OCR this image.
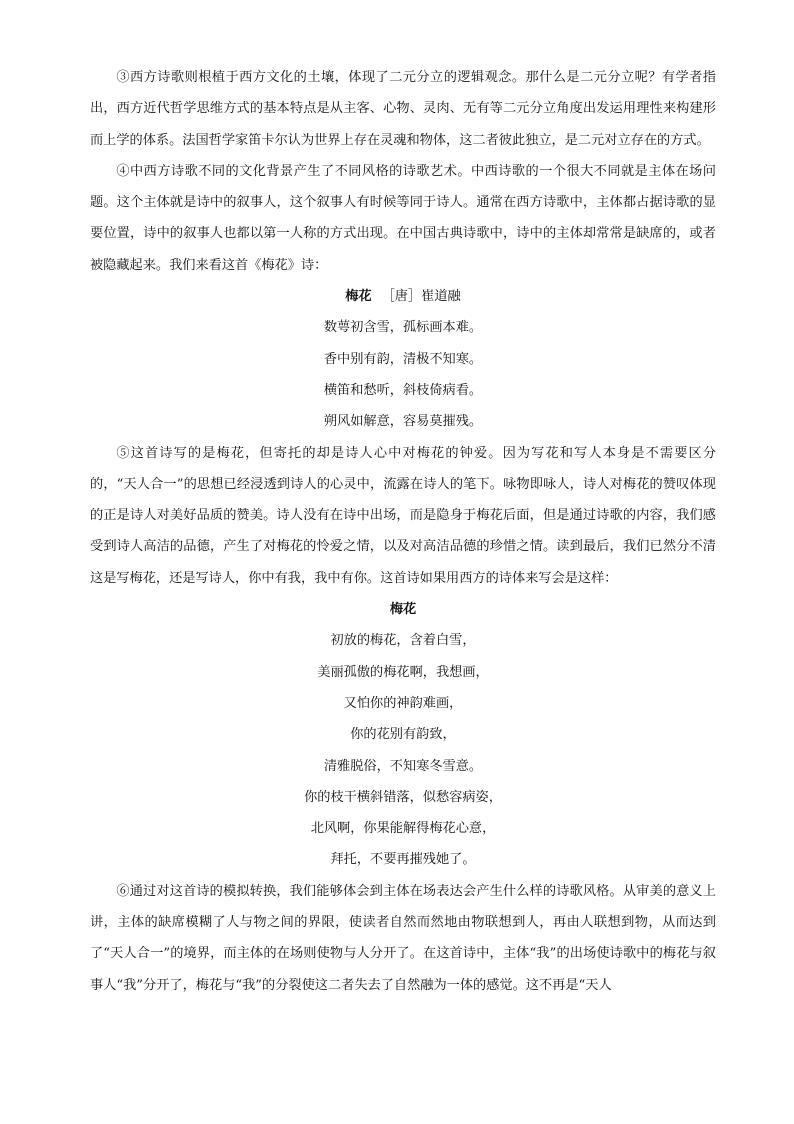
③西方诗歌则根植于西方文化的土壤，体现了二元分立的逻辑观念。那什么是二元分立呢？有学者指出，西方近代哲学思维方式的基本特点是从主客、心物、灵肉、无有等二元分立角度出发运用理性来构建形而上学的体系。法国哲学家笛卡尔认为世界上存在灵魂和物体，这二者彼此独立，是二元对立存在的方式。

④中西方诗歌不同的文化背景产生了不同风格的诗歌艺术。中西诗歌的一个很大不同就是主体在场问题。这个主体就是诗中的叙事人，这个叙事人有时候等同于诗人。通常在西方诗歌中，主体都占据诗歌的显要位置，诗中的叙事人也都以第一人称的方式出现。在中国古典诗歌中，诗中的主体却常常是缺席的，或者被隐藏起来。我们来看这首《梅花》诗：

梅花 ［唐］崔道融
数萼初含雪，孤标画本难。
香中别有韵，清极不知寒。
横笛和愁听，斜枝倚病看。
朔风如解意，容易莫摧残。

⑤这首诗写的是梅花，但寄托的却是诗人心中对梅花的钟爱。因为写花和写人本身是不需要区分的，“天人合一”的思想已经浸透到诗人的心灵中，流露在诗人的笔下。咏物即咏人，诗人对梅花的赞叹体现的正是诗人对美好品质的赞美。诗人没有在诗中出场，而是隐身于梅花后面，但是通过诗歌的内容，我们感受到诗人高洁的品德，产生了对梅花的怜爱之情，以及对高洁品德的珍惜之情。读到最后，我们已然分不清这是写梅花，还是写诗人，你中有我，我中有你。这首诗如果用西方的诗体来写会是这样：

梅花
初放的梅花，含着白雪，
美丽孤傲的梅花啊，我想画，
又怕你的神韵难画，
你的花别有韵致，
清雅脱俗，不知寒冬雪意。
你的枝干横斜错落，似愁容病姿，
北风啊，你果能解得梅花心意，
拜托，不要再摧残她了。

⑥通过对这首诗的模拟转换，我们能够体会到主体在场表达会产生什么样的诗歌风格。从审美的意义上讲，主体的缺席模糊了人与物之间的界限，使读者自然而然地由物联想到人，再由人联想到物，从而达到了“天人合一”的境界，而主体的在场则使物与人分开了。在这首诗中，主体“我”的出场使诗歌中的梅花与叙事人“我”分开了，梅花与“我”的分裂使这二者失去了自然融为一体的感觉。这不再是“天人
